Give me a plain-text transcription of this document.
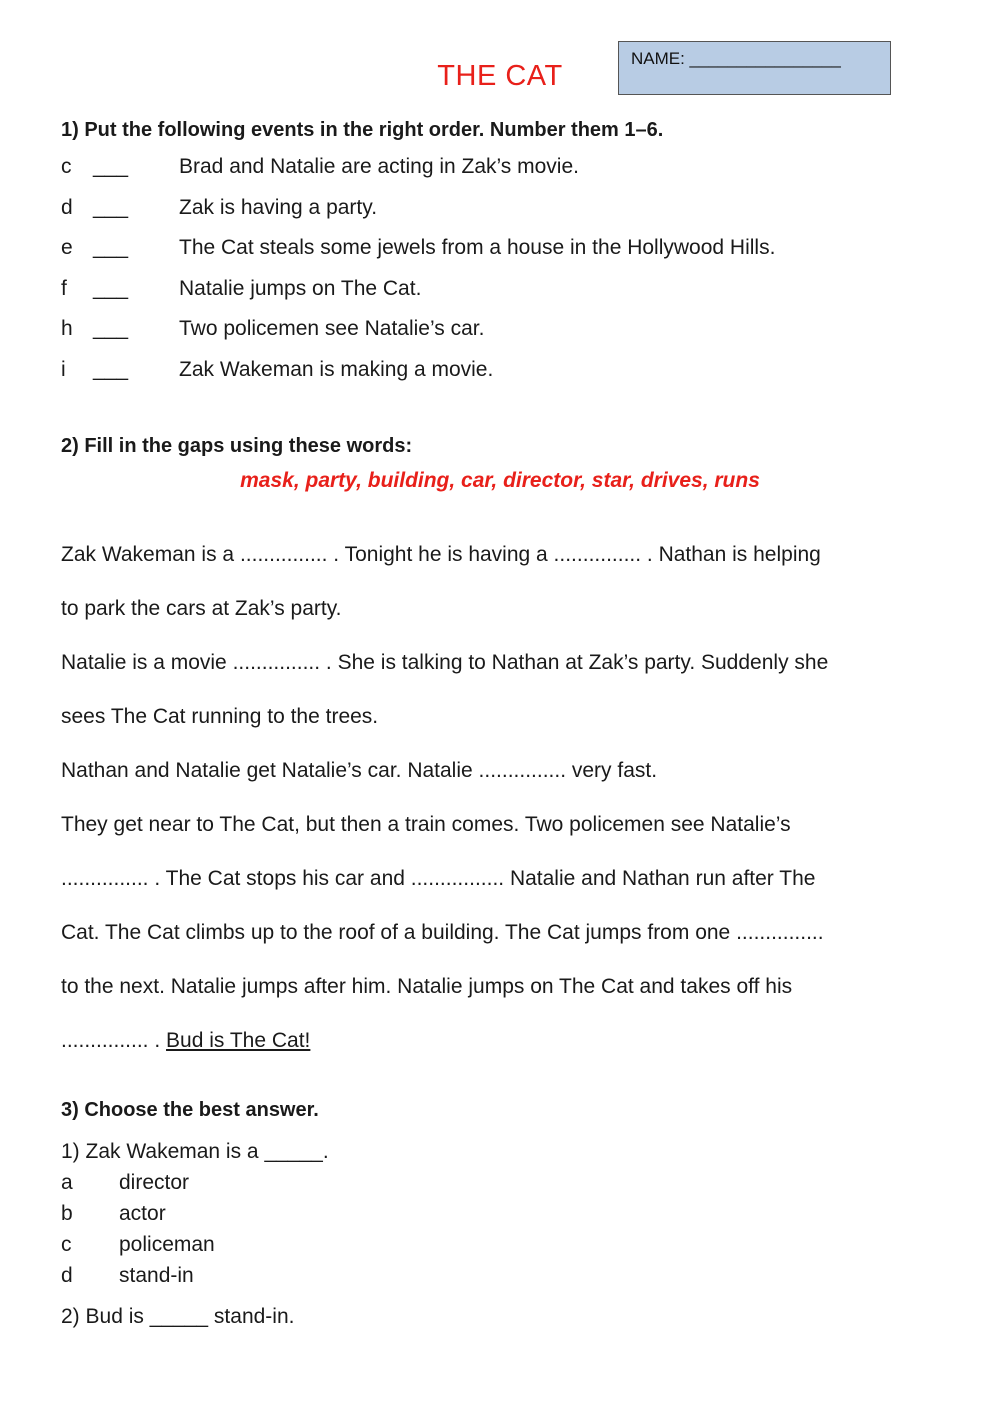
THE CAT
NAME: ________________
1) Put the following events in the right order. Number them 1–6.
c ___ Brad and Natalie are acting in Zak’s movie.
d ___ Zak is having a party.
e ___ The Cat steals some jewels from a house in the Hollywood Hills.
f ___ Natalie jumps on The Cat.
h ___ Two policemen see Natalie’s car.
i ___ Zak Wakeman is making a movie.
2) Fill in the gaps using these words:
mask, party, building, car, director, star, drives, runs
Zak Wakeman is a ............... . Tonight he is having a ............... . Nathan is helping
to park the cars at Zak’s party.
Natalie is a movie ............... . She is talking to Nathan at Zak’s party. Suddenly she
sees The Cat running to the trees.
Nathan and Natalie get Natalie’s car. Natalie ............... very fast.
They get near to The Cat, but then a train comes. Two policemen see Natalie’s
............... . The Cat stops his car and ................ Natalie and Nathan run after The
Cat. The Cat climbs up to the roof of a building. The Cat jumps from one ...............
to the next. Natalie jumps after him. Natalie jumps on The Cat and takes off his
............... . Bud is The Cat!
3) Choose the best answer.
1) Zak Wakeman is a _____.
a director
b actor
c policeman
d stand-in
2) Bud is _____ stand-in.
